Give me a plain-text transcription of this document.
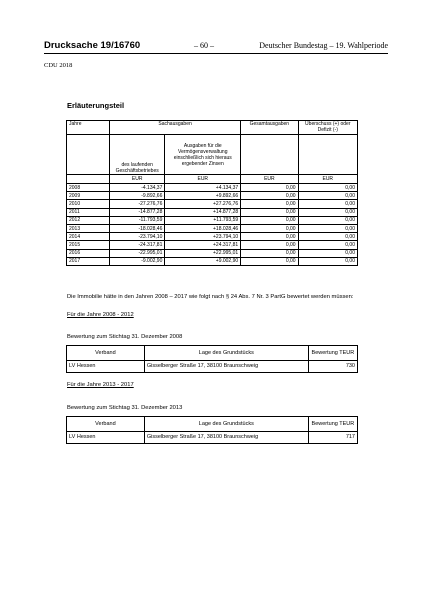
Drucksache 19/16760	– 60 –	Deutscher Bundestag – 19. Wahlperiode
CDU 2018
Erläuterungsteil
Jahre	Sachausgaben		Gesamtausgaben	Überschuss (+) oder Defizit (-)
	des laufenden Geschäftsbetriebes	Ausgaben für die Vermögensverwaltung einschließlich sich hieraus ergebender Zinsen		
	EUR	EUR	EUR	EUR
2008	-4.134,37	+4.134,37	0,00	0,00
2009	-9.892,66	+9.892,66	0,00	0,00
2010	-27.276,76	+27.276,76	0,00	0,00
2011	-14.877,28	+14.877,28	0,00	0,00
2012	-11.793,59	+11.793,59	0,00	0,00
2013	-18.028,46	+18.028,46	0,00	0,00
2014	-23.794,10	+23.794,10	0,00	0,00
2015	-24.317,81	+24.317,81	0,00	0,00
2016	-22.995,01	+22.995,01	0,00	0,00
2017	-9.002,90	+9.002,90	0,00	0,00
Die Immobilie hätte in den Jahren 2008 – 2017 wie folgt nach § 24 Abs. 7 Nr. 3 PartG bewertet werden müssen:
Für die Jahre 2008 - 2012
Bewertung zum Stichtag 31. Dezember 2008
Verband	Lage des Grundstücks	Bewertung TEUR
LV Hessen	Gisselberger Straße 17, 38100 Braunschweig	730
Für die Jahre 2013 - 2017
Bewertung zum Stichtag 31. Dezember 2013
Verband	Lage des Grundstücks	Bewertung TEUR
LV Hessen	Gisselberger Straße 17, 38100 Braunschweig	717
